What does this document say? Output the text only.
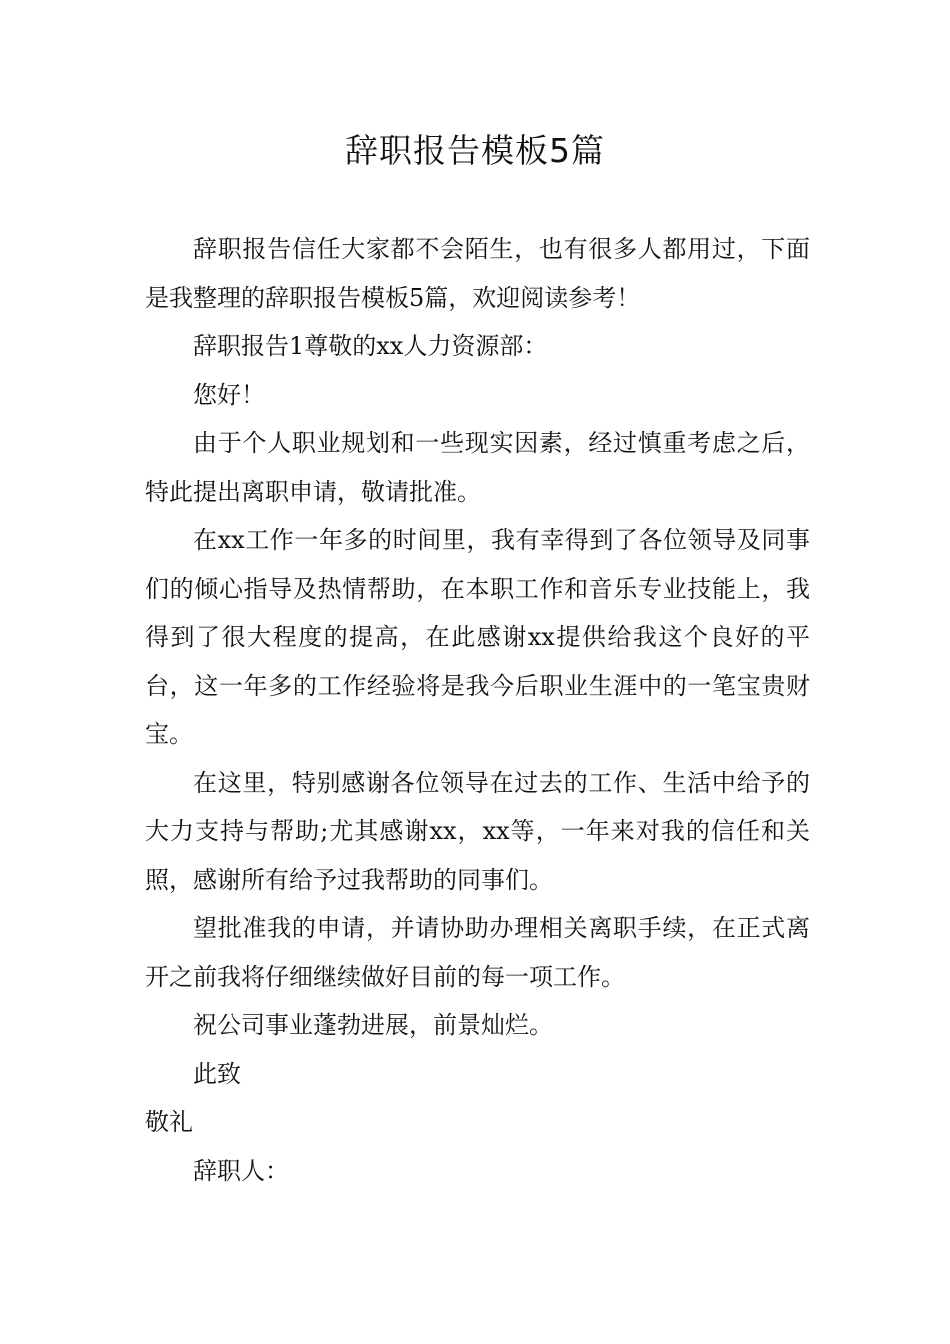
辞职报告模板5篇

辞职报告信任大家都不会陌生，也有很多人都用过，下面是我整理的辞职报告模板5篇，欢迎阅读参考！

辞职报告1尊敬的xx人力资源部：

您好！

由于个人职业规划和一些现实因素，经过慎重考虑之后，特此提出离职申请，敬请批准。

在xx工作一年多的时间里，我有幸得到了各位领导及同事们的倾心指导及热情帮助，在本职工作和音乐专业技能上，我得到了很大程度的提高，在此感谢xx提供给我这个良好的平台，这一年多的工作经验将是我今后职业生涯中的一笔宝贵财宝。

在这里，特别感谢各位领导在过去的工作、生活中给予的大力支持与帮助;尤其感谢xx，xx等，一年来对我的信任和关照，感谢所有给予过我帮助的同事们。

望批准我的申请，并请协助办理相关离职手续，在正式离开之前我将仔细继续做好目前的每一项工作。

祝公司事业蓬勃进展，前景灿烂。

此致

敬礼

辞职人：
